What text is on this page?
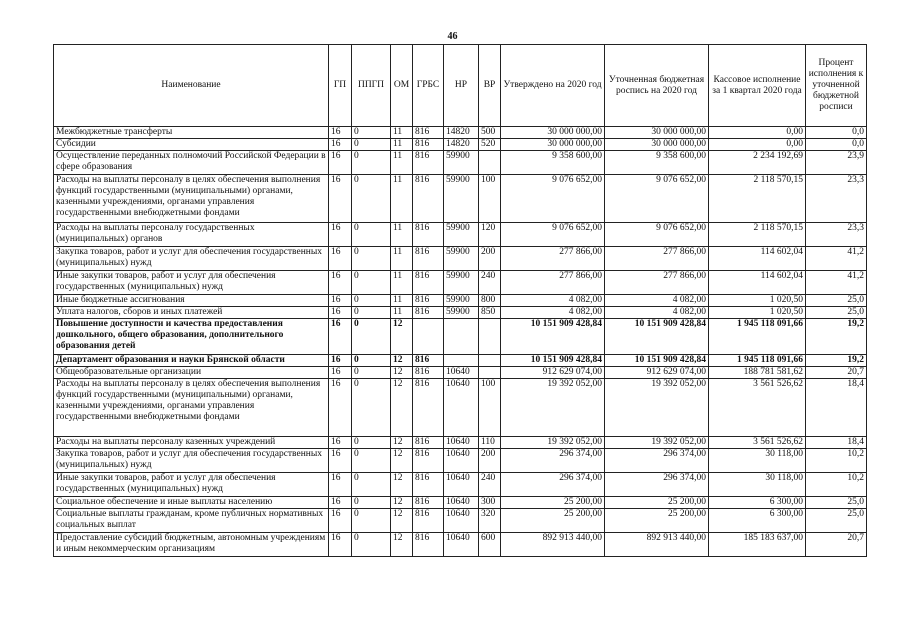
46
Наименование	ГП	ППГП	ОМ	ГРБС	НР	ВР	Утверждено на 2020 год	Уточненная бюджетная роспись на 2020 год	Кассовое исполнение за 1 квартал 2020 года	Процент исполнения к уточненной бюджетной росписи
Межбюджетные трансферты	16	0	11	816	14820	500	30 000 000,00	30 000 000,00	0,00	0,0
Субсидии	16	0	11	816	14820	520	30 000 000,00	30 000 000,00	0,00	0,0
Осуществление переданных полномочий Российской Федерации в сфере образования	16	0	11	816	59900		9 358 600,00	9 358 600,00	2 234 192,69	23,9
Расходы на выплаты персоналу в целях обеспечения выполнения функций государственными (муниципальными) органами, казенными учреждениями, органами управления государственными внебюджетными фондами	16	0	11	816	59900	100	9 076 652,00	9 076 652,00	2 118 570,15	23,3
Расходы на выплаты персоналу государственных (муниципальных) органов	16	0	11	816	59900	120	9 076 652,00	9 076 652,00	2 118 570,15	23,3
Закупка товаров, работ и услуг для обеспечения государственных (муниципальных) нужд	16	0	11	816	59900	200	277 866,00	277 866,00	114 602,04	41,2
Иные закупки товаров, работ и услуг для обеспечения государственных (муниципальных) нужд	16	0	11	816	59900	240	277 866,00	277 866,00	114 602,04	41,2
Иные бюджетные ассигнования	16	0	11	816	59900	800	4 082,00	4 082,00	1 020,50	25,0
Уплата налогов, сборов и иных платежей	16	0	11	816	59900	850	4 082,00	4 082,00	1 020,50	25,0
Повышение доступности и качества предоставления дошкольного, общего образования, дополнительного образования детей	16	0	12				10 151 909 428,84	10 151 909 428,84	1 945 118 091,66	19,2
Департамент образования и науки Брянской области	16	0	12	816			10 151 909 428,84	10 151 909 428,84	1 945 118 091,66	19,2
Общеобразовательные организации	16	0	12	816	10640		912 629 074,00	912 629 074,00	188 781 581,62	20,7
Расходы на выплаты персоналу в целях обеспечения выполнения функций государственными (муниципальными) органами, казенными учреждениями, органами управления государственными внебюджетными фондами	16	0	12	816	10640	100	19 392 052,00	19 392 052,00	3 561 526,62	18,4
Расходы на выплаты персоналу казенных учреждений	16	0	12	816	10640	110	19 392 052,00	19 392 052,00	3 561 526,62	18,4
Закупка товаров, работ и услуг для обеспечения государственных (муниципальных) нужд	16	0	12	816	10640	200	296 374,00	296 374,00	30 118,00	10,2
Иные закупки товаров, работ и услуг для обеспечения государственных (муниципальных) нужд	16	0	12	816	10640	240	296 374,00	296 374,00	30 118,00	10,2
Социальное обеспечение и иные выплаты населению	16	0	12	816	10640	300	25 200,00	25 200,00	6 300,00	25,0
Социальные выплаты гражданам, кроме публичных нормативных социальных выплат	16	0	12	816	10640	320	25 200,00	25 200,00	6 300,00	25,0
Предоставление субсидий бюджетным, автономным учреждениям и иным некоммерческим организациям	16	0	12	816	10640	600	892 913 440,00	892 913 440,00	185 183 637,00	20,7
